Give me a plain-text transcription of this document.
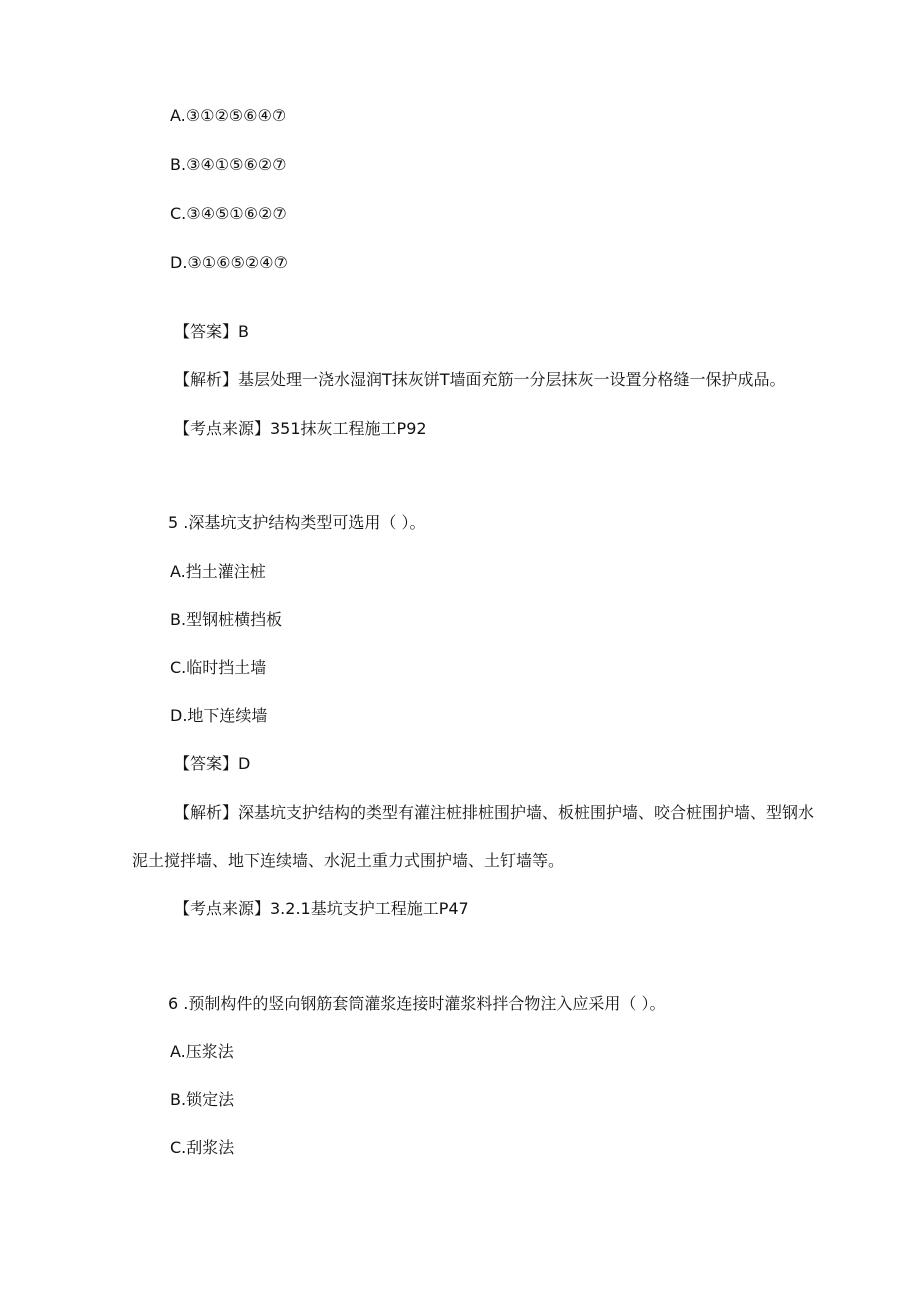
A.③①②⑤⑥④⑦
B.③④①⑤⑥②⑦
C.③④⑤①⑥②⑦
D.③①⑥⑤②④⑦
【答案】B
【解析】基层处理一浇水湿润T抹灰饼T墙面充筋一分层抹灰一设置分格缝一保护成品。
【考点来源】351抹灰工程施工P92
5 .深基坑支护结构类型可选用（ ）。
A.挡土灌注桩
B.型钢桩横挡板
C.临时挡土墙
D.地下连续墙
【答案】D
【解析】深基坑支护结构的类型有灌注桩排桩围护墙、板桩围护墙、咬合桩围护墙、型钢水
泥土搅拌墙、地下连续墙、水泥土重力式围护墙、土钉墙等。
【考点来源】3.2.1基坑支护工程施工P47
6 .预制构件的竖向钢筋套筒灌浆连接时灌浆料拌合物注入应采用（ ）。
A.压浆法
B.锁定法
C.刮浆法
